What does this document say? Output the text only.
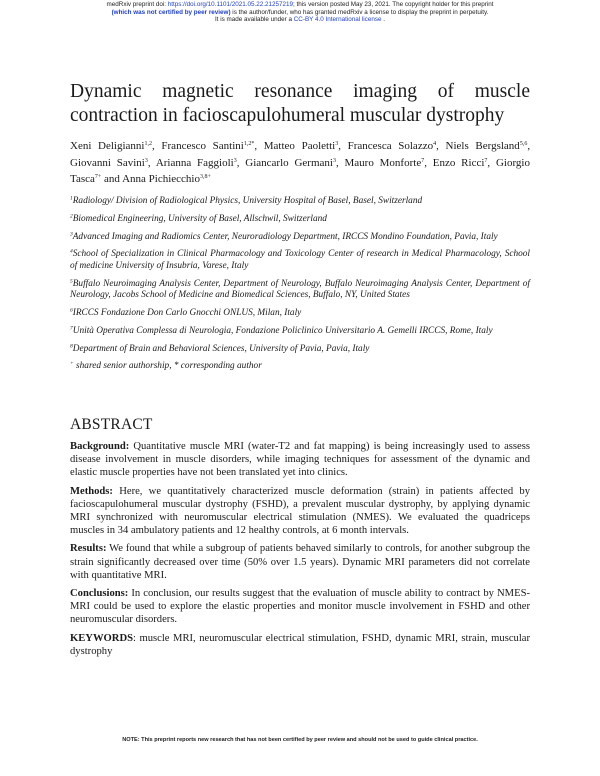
medRxiv preprint doi: https://doi.org/10.1101/2021.05.22.21257219; this version posted May 23, 2021. The copyright holder for this preprint
(which was not certified by peer review) is the author/funder, who has granted medRxiv a license to display the preprint in perpetuity.
It is made available under a CC-BY 4.0 International license .
Dynamic magnetic resonance imaging of muscle
contraction in facioscapulohumeral muscular dystrophy
Xeni Deligianni$^{1,2}$, Francesco Santini$^{1,2*}$, Matteo Paoletti$^3$, Francesca Solazzo$^4$, Niels Bergsland$^{5,6}$, Giovanni Savini$^3$, Arianna Faggioli$^3$, Giancarlo Germani$^3$, Mauro Monforte$^7$, Enzo Ricci$^7$, Giorgio Tasca$^{7+}$ and Anna Pichiecchio$^{3,8+}$

$^1$Radiology/ Division of Radiological Physics, University Hospital of Basel, Basel, Switzerland

$^2$Biomedical Engineering, University of Basel, Allschwil, Switzerland

$^3$Advanced Imaging and Radiomics Center, Neuroradiology Department, IRCCS Mondino Foundation, Pavia, Italy

$^4$School of Specialization in Clinical Pharmacology and Toxicology Center of research in Medical Pharmacology, School of medicine University of Insubria, Varese, Italy

$^5$Buffalo Neuroimaging Analysis Center, Department of Neurology, Buffalo Neuroimaging Analysis Center, Department of Neurology, Jacobs School of Medicine and Biomedical Sciences, Buffalo, NY, United States

$^6$IRCCS Fondazione Don Carlo Gnocchi ONLUS, Milan, Italy

$^7$Unità Operativa Complessa di Neurologia, Fondazione Policlinico Universitario A. Gemelli IRCCS, Rome, Italy

$^8$Department of Brain and Behavioral Sciences, University of Pavia, Pavia, Italy

+ shared senior authorship, * corresponding author

ABSTRACT

Background: Quantitative muscle MRI (water-T2 and fat mapping) is being increasingly used to assess disease involvement in muscle disorders, while imaging techniques for assessment of the dynamic and elastic muscle properties have not been translated yet into clinics.

Methods: Here, we quantitatively characterized muscle deformation (strain) in patients affected by facioscapulohumeral muscular dystrophy (FSHD), a prevalent muscular dystrophy, by applying dynamic MRI synchronized with neuromuscular electrical stimulation (NMES). We evaluated the quadriceps muscles in 34 ambulatory patients and 12 healthy controls, at 6 month intervals.

Results: We found that while a subgroup of patients behaved similarly to controls, for another subgroup the strain significantly decreased over time (50% over 1.5 years). Dynamic MRI parameters did not correlate with quantitative MRI.

Conclusions: In conclusion, our results suggest that the evaluation of muscle ability to contract by NMES-MRI could be used to explore the elastic properties and monitor muscle involvement in FSHD and other neuromuscular disorders.

KEYWORDS: muscle MRI, neuromuscular electrical stimulation, FSHD, dynamic MRI, strain, muscular dystrophy

NOTE: This preprint reports new research that has not been certified by peer review and should not be used to guide clinical practice.
